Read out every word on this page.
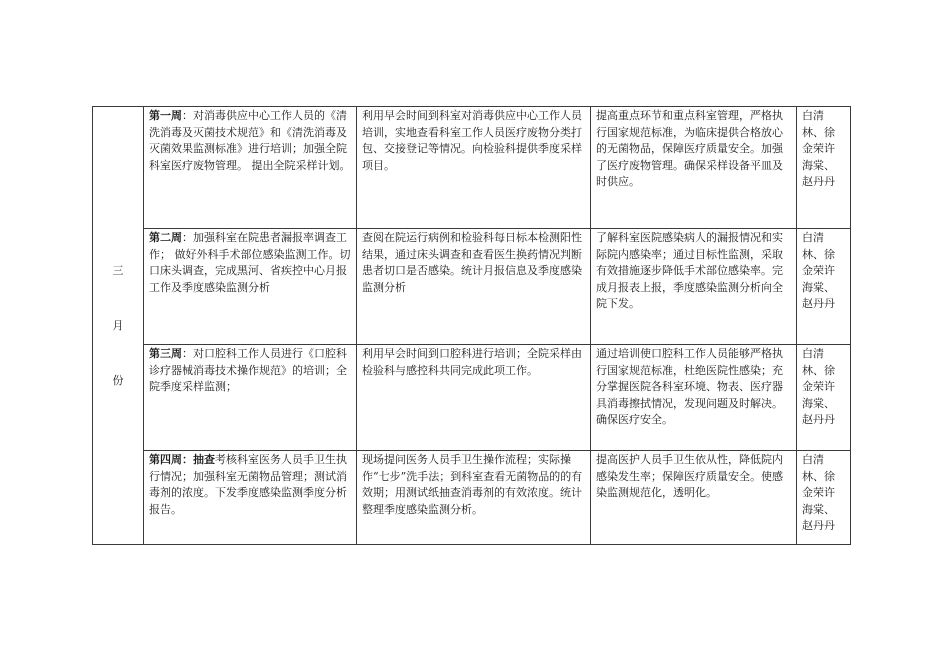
三月份	第一周：对消毒供应中心工作人员的《清洗消毒及灭菌技术规范》和《清洗消毒及灭菌效果监测标准》进行培训；加强全院科室医疗废物管理。 提出全院采样计划。	利用早会时间到科室对消毒供应中心工作人员培训，实地查看科室工作人员医疗废物分类打包、交接登记等情况。向检验科提供季度采样项目。	提高重点环节和重点科室管理，严格执行国家规范标准，为临床提供合格放心的无菌物品，保障医疗质量安全。加强了医疗废物管理。确保采样设备平皿及时供应。	白清林、徐金荣许海棠、赵丹丹
	第二周：加强科室在院患者漏报率调查工作； 做好外科手术部位感染监测工作。切口床头调查，完成黑河、省疾控中心月报工作及季度感染监测分析	查阅在院运行病例和检验科每日标本检测阳性结果，通过床头调查和查看医生换药情况判断患者切口是否感染。统计月报信息及季度感染监测分析	了解科室医院感染病人的漏报情况和实际院内感染率；通过目标性监测，采取有效措施逐步降低手术部位感染率。完成月报表上报，季度感染监测分析向全院下发。	白清林、徐金荣许海棠、赵丹丹
	第三周：对口腔科工作人员进行《口腔科诊疗器械消毒技术操作规范》的培训；全院季度采样监测；	利用早会时间到口腔科进行培训；全院采样由检验科与感控科共同完成此项工作。	通过培训使口腔科工作人员能够严格执行国家规范标准，杜绝医院性感染；充分掌握医院各科室环境、物表、医疗器具消毒擦拭情况，发现问题及时解决。确保医疗安全。	白清林、徐金荣许海棠、赵丹丹
	第四周：抽查考核科室医务人员手卫生执行情况；加强科室无菌物品管理；测试消毒剂的浓度。下发季度感染监测季度分析报告。	现场提问医务人员手卫生操作流程；实际操作“七步”洗手法；到科室查看无菌物品的的有效期；用测试纸抽查消毒剂的有效浓度。统计整理季度感染监测分析。	提高医护人员手卫生依从性，降低院内感染发生率；保障医疗质量安全。使感染监测规范化，透明化。	白清林、徐金荣许海棠、赵丹丹
